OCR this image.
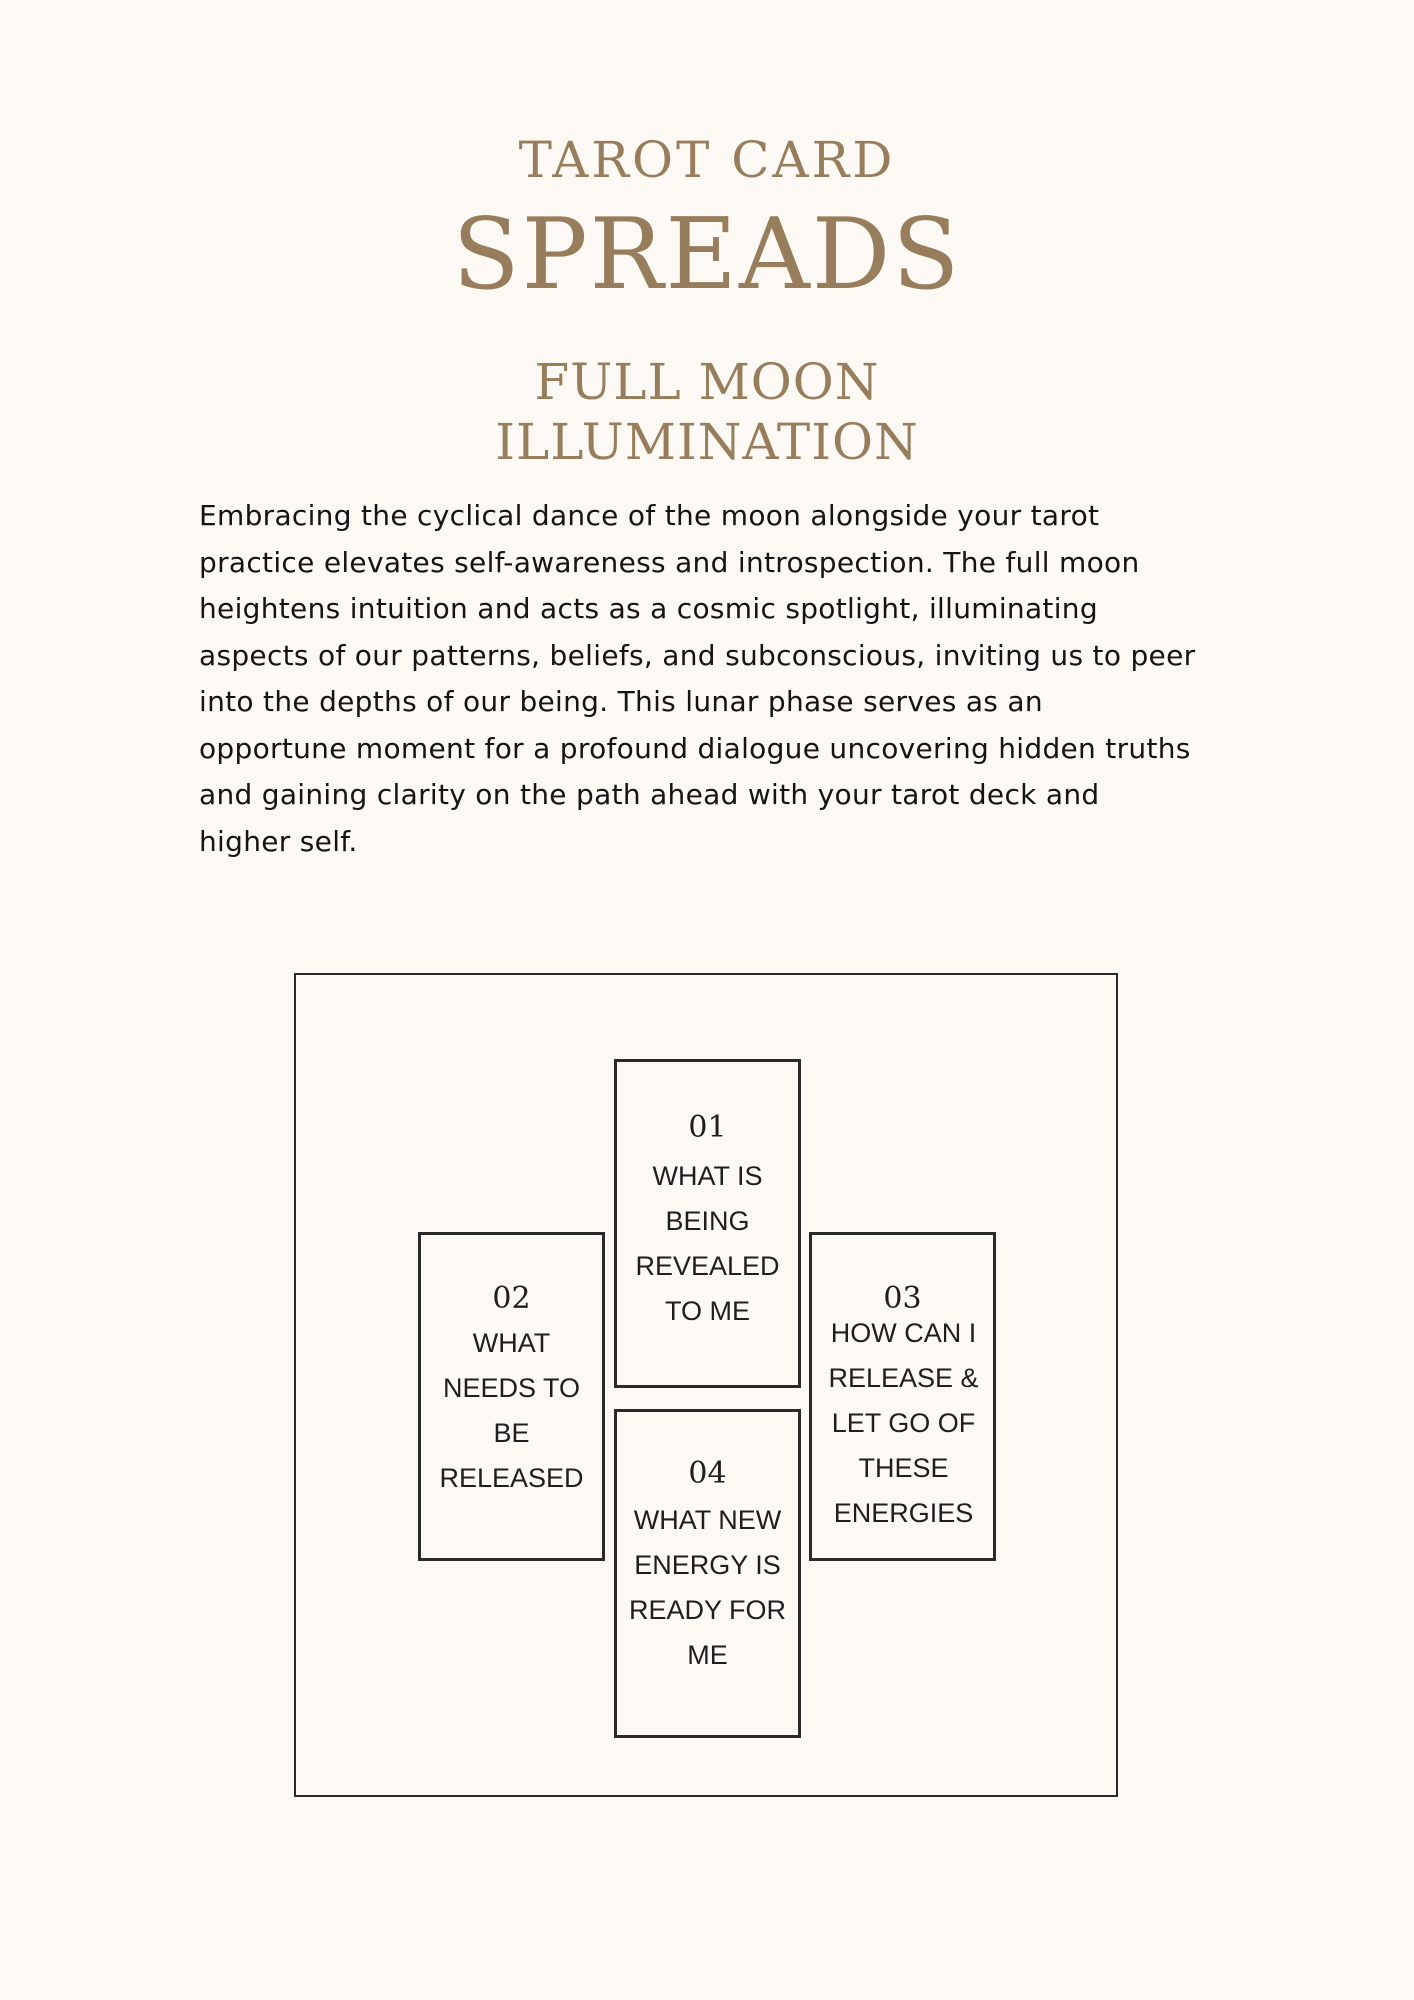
TAROT CARD
SPREADS
FULL MOON
ILLUMINATION

Embracing the cyclical dance of the moon alongside your tarot practice elevates self-awareness and introspection. The full moon heightens intuition and acts as a cosmic spotlight, illuminating aspects of our patterns, beliefs, and subconscious, inviting us to peer into the depths of our being. This lunar phase serves as an opportune moment for a profound dialogue uncovering hidden truths and gaining clarity on the path ahead with your tarot deck and higher self.

01
WHAT IS BEING REVEALED TO ME
02
WHAT NEEDS TO BE RELEASED
03
HOW CAN I RELEASE & LET GO OF THESE ENERGIES
04
WHAT NEW ENERGY IS READY FOR ME
